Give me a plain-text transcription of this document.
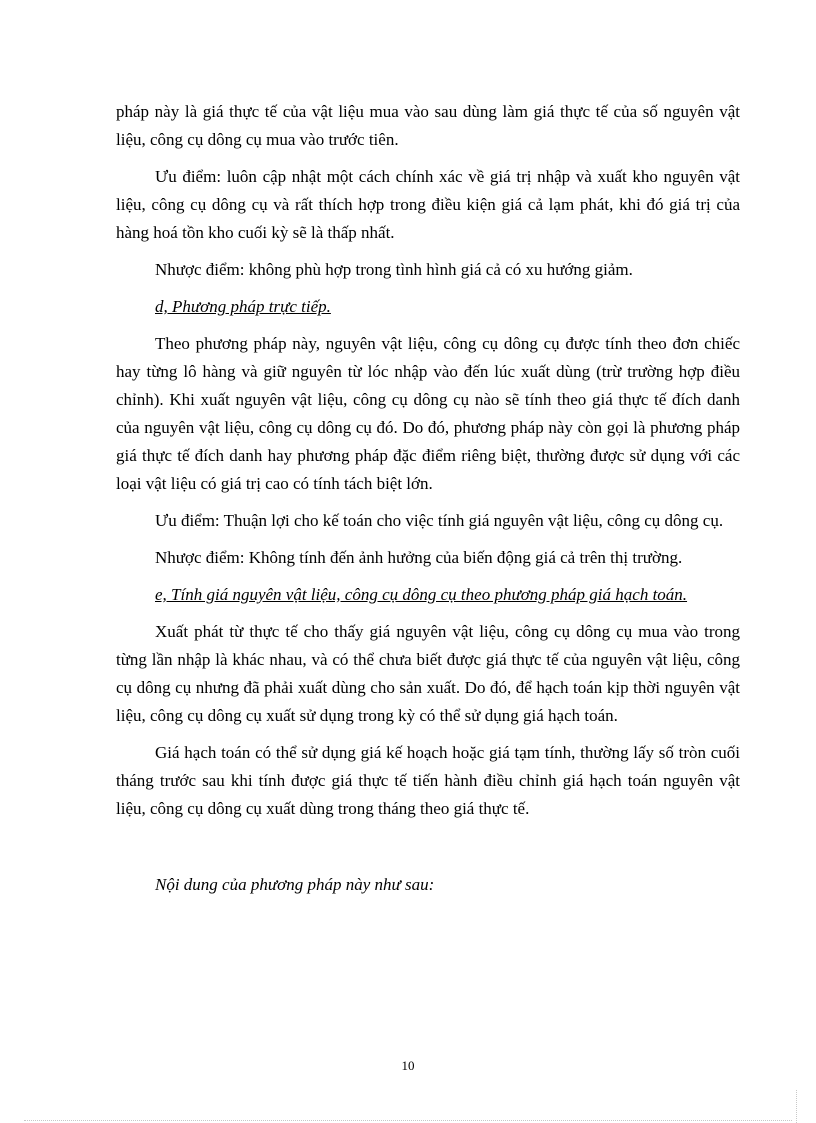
pháp này là giá thực tế của vật liệu mua vào sau dùng làm giá thực tế của số nguyên vật liệu, công cụ dông cụ mua vào trước tiên.

Ưu điểm: luôn cập nhật một cách chính xác về giá trị nhập và xuất kho nguyên vật liệu, công cụ dông cụ và rất thích hợp trong điều kiện giá cả lạm phát, khi đó giá trị của hàng hoá tồn kho cuối kỳ sẽ là thấp nhất.

Nhược điểm: không phù hợp trong tình hình giá cả có xu hướng giảm.

d, Phương pháp trực tiếp.

Theo phương pháp này, nguyên vật liệu, công cụ dông cụ được tính theo đơn chiếc hay từng lô hàng và giữ nguyên từ lóc nhập vào đến lúc xuất dùng (trừ trường hợp điều chỉnh). Khi xuất nguyên vật liệu, công cụ dông cụ nào sẽ tính theo giá thực tế đích danh của nguyên vật liệu, công cụ dông cụ đó. Do đó, phương pháp này còn gọi là phương pháp giá thực tế đích danh hay phương pháp đặc điểm riêng biệt, thường được sử dụng với các loại vật liệu có giá trị cao có tính tách biệt lớn.

Ưu điểm: Thuận lợi cho kế toán cho việc tính giá nguyên vật liệu, công cụ dông cụ.

Nhược điểm: Không tính đến ảnh hưởng của biến động giá cả trên thị trường.

e, Tính giá nguyên vật liệu, công cụ dông cụ theo phương pháp giá hạch toán.

Xuất phát từ thực tế cho thấy giá nguyên vật liệu, công cụ dông cụ mua vào trong từng lần nhập là khác nhau, và có thể chưa biết được giá thực tế của nguyên vật liệu, công cụ dông cụ nhưng đã phải xuất dùng cho sản xuất. Do đó, để hạch toán kịp thời nguyên vật liệu, công cụ dông cụ xuất sử dụng trong kỳ có thể sử dụng giá hạch toán.

Giá hạch toán có thể sử dụng giá kế hoạch hoặc giá tạm tính, thường lấy số tròn cuối tháng trước sau khi tính được giá thực tế tiến hành điều chỉnh giá hạch toán nguyên vật liệu, công cụ dông cụ xuất dùng trong tháng theo giá thực tế.

Nội dung của phương pháp này như sau:

10
